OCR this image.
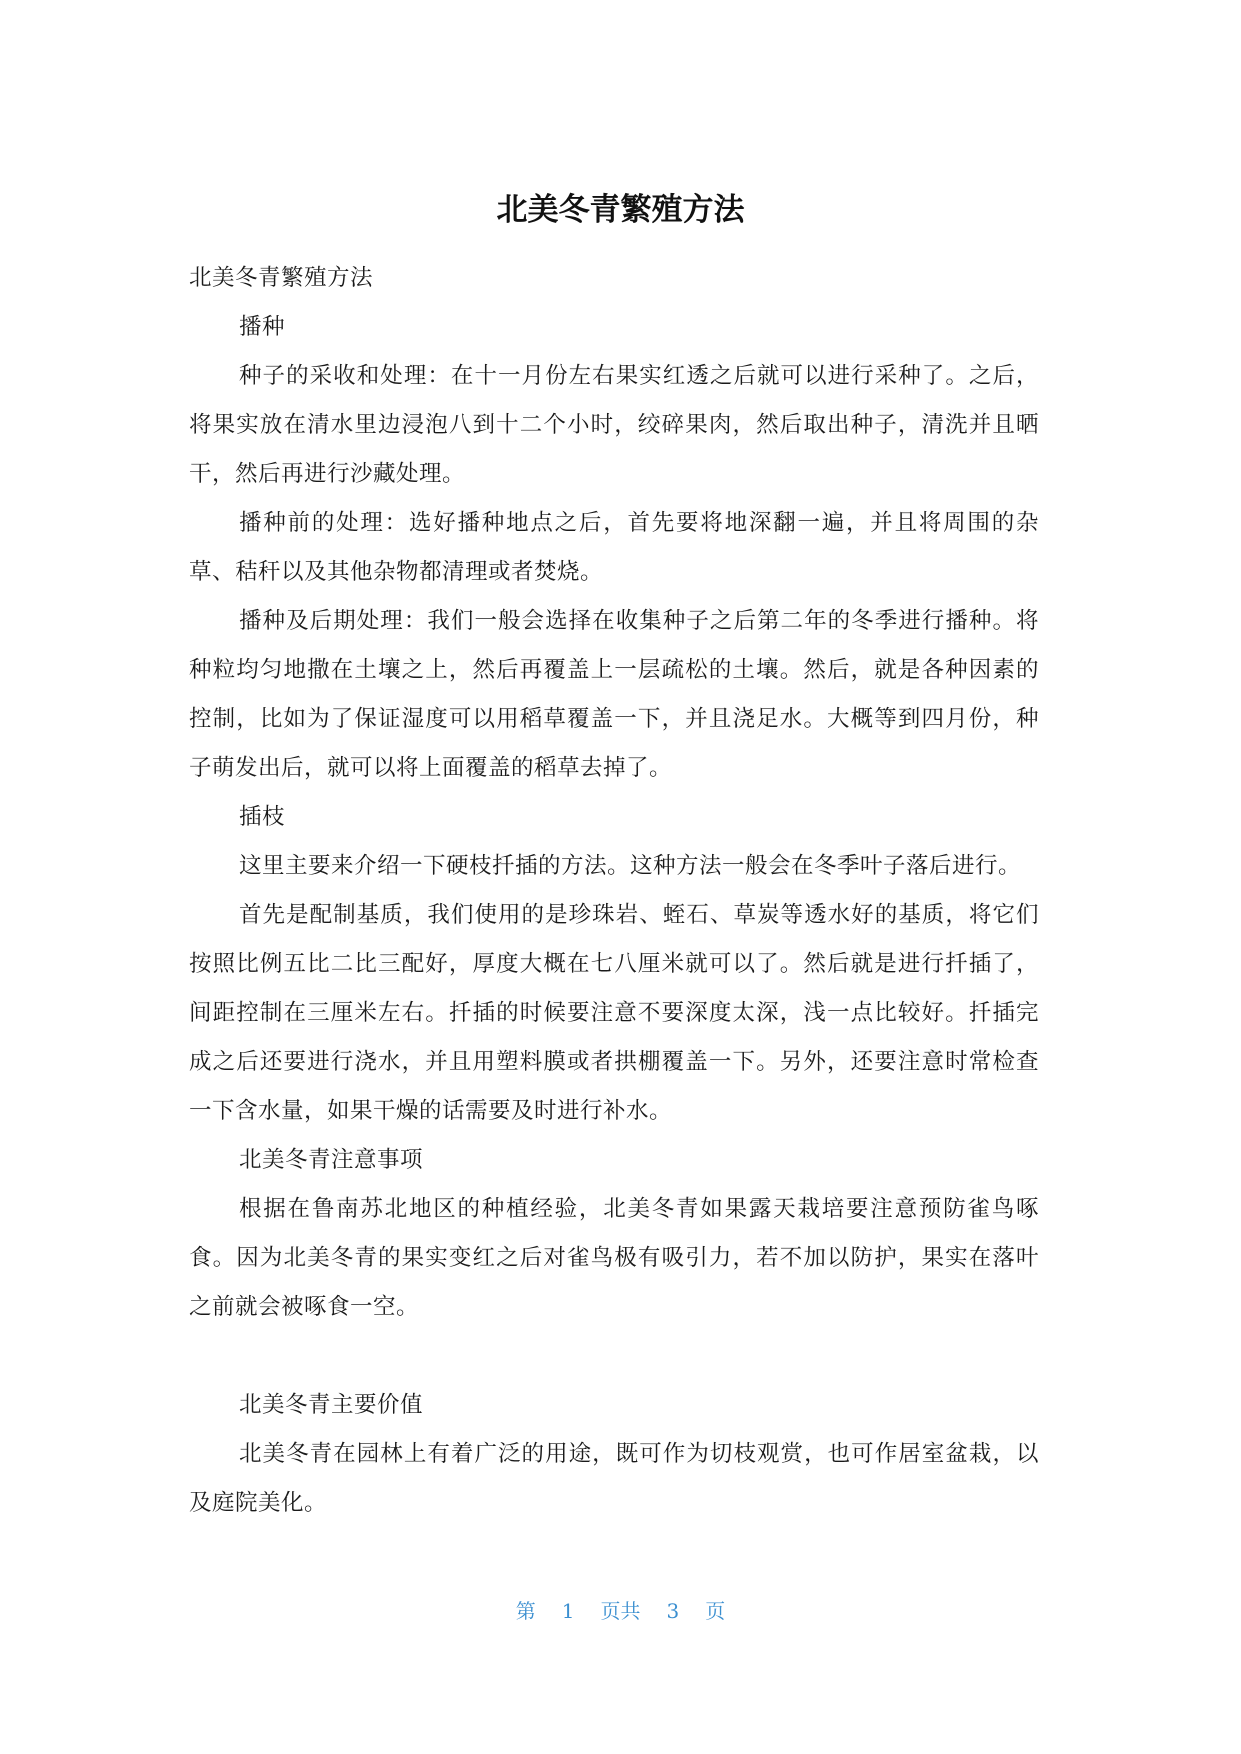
北美冬青繁殖方法

北美冬青繁殖方法

播种

种子的采收和处理：在十一月份左右果实红透之后就可以进行采种了。之后，将果实放在清水里边浸泡八到十二个小时，绞碎果肉，然后取出种子，清洗并且晒干，然后再进行沙藏处理。

播种前的处理：选好播种地点之后，首先要将地深翻一遍，并且将周围的杂草、秸秆以及其他杂物都清理或者焚烧。

播种及后期处理：我们一般会选择在收集种子之后第二年的冬季进行播种。将种粒均匀地撒在土壤之上，然后再覆盖上一层疏松的土壤。然后，就是各种因素的控制，比如为了保证湿度可以用稻草覆盖一下，并且浇足水。大概等到四月份，种子萌发出后，就可以将上面覆盖的稻草去掉了。

插枝

这里主要来介绍一下硬枝扦插的方法。这种方法一般会在冬季叶子落后进行。

首先是配制基质，我们使用的是珍珠岩、蛭石、草炭等透水好的基质，将它们按照比例五比二比三配好，厚度大概在七八厘米就可以了。然后就是进行扦插了，间距控制在三厘米左右。扦插的时候要注意不要深度太深，浅一点比较好。扦插完成之后还要进行浇水，并且用塑料膜或者拱棚覆盖一下。另外，还要注意时常检查一下含水量，如果干燥的话需要及时进行补水。

北美冬青注意事项

根据在鲁南苏北地区的种植经验，北美冬青如果露天栽培要注意预防雀鸟啄食。因为北美冬青的果实变红之后对雀鸟极有吸引力，若不加以防护，果实在落叶之前就会被啄食一空。

北美冬青主要价值

北美冬青在园林上有着广泛的用途，既可作为切枝观赏，也可作居室盆栽，以及庭院美化。

第 1 页共 3 页
